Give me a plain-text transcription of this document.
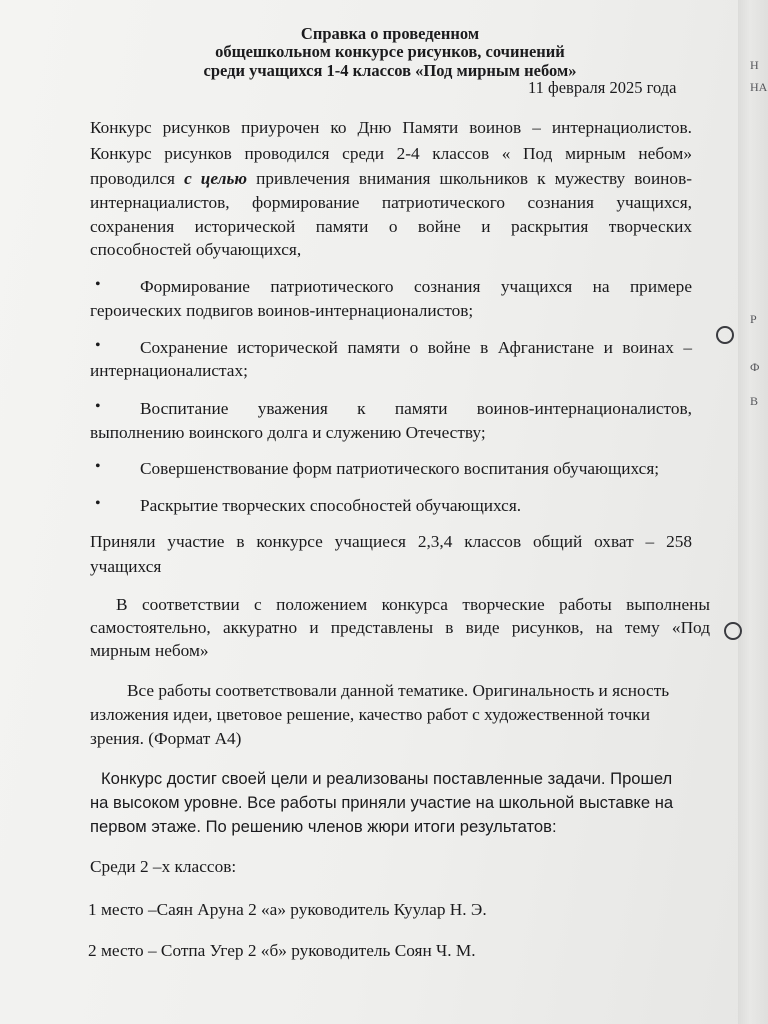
Н
НА
Р
Ф
В
Справка о проведенном
общешкольном конкурсе рисунков, сочинений
среди учащихся 1-4 классов «Под мирным небом»
11 февраля 2025 года
Конкурс рисунков приурочен ко Дню Памяти воинов – интернациолистов.
Конкурс рисунков проводился среди 2-4 классов « Под мирным небом»
проводился с целью привлечения внимания школьников к мужеству воинов-
интернациалистов, формирование патриотического сознания учащихся,
сохранения исторической памяти о войне и раскрытия творческих
способностей обучающихся,
• Формирование патриотического сознания учащихся на примере
героических подвигов воинов-интернационалистов;
• Сохранение исторической памяти о войне в Афганистане и воинах –
интернационалистах;
• Воспитание уважения к памяти воинов-интернационалистов,
выполнению воинского долга и служению Отечеству;
• Совершенствование форм патриотического воспитания обучающихся;
• Раскрытие творческих способностей обучающихся.
Приняли участие в конкурсе учащиеся 2,3,4 классов общий охват – 258
учащихся
В соответствии с положением конкурса творческие работы выполнены
самостоятельно, аккуратно и представлены в виде рисунков, на тему «Под
мирным небом»
Все работы соответствовали данной тематике. Оригинальность и ясность
изложения идеи, цветовое решение, качество работ с художественной точки
зрения. (Формат А4)
Конкурс достиг своей цели и реализованы поставленные задачи. Прошел
на высоком уровне. Все работы приняли участие на школьной выставке на
первом этаже. По решению членов жюри итоги результатов:
Среди 2 –х классов:
1 место –Саян Аруна 2 «а» руководитель Куулар Н. Э.
2 место – Сотпа Угер 2 «б» руководитель Соян Ч. М.
